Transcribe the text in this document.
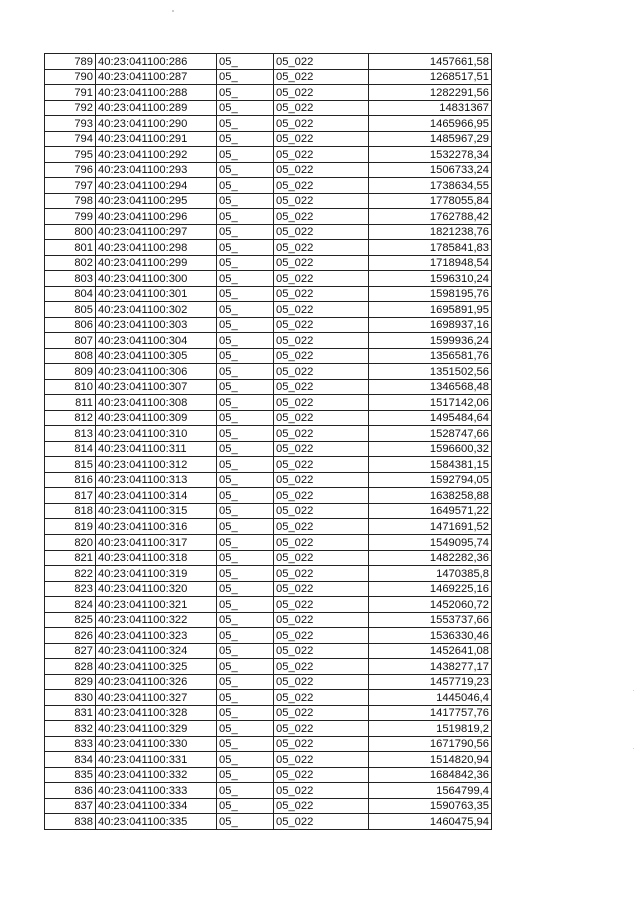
789	40:23:041100:286	05_	05_022	1457661,58
790	40:23:041100:287	05_	05_022	1268517,51
791	40:23:041100:288	05_	05_022	1282291,56
792	40:23:041100:289	05_	05_022	14831367
793	40:23:041100:290	05_	05_022	1465966,95
794	40:23:041100:291	05_	05_022	1485967,29
795	40:23:041100:292	05_	05_022	1532278,34
796	40:23:041100:293	05_	05_022	1506733,24
797	40:23:041100:294	05_	05_022	1738634,55
798	40:23:041100:295	05_	05_022	1778055,84
799	40:23:041100:296	05_	05_022	1762788,42
800	40:23:041100:297	05_	05_022	1821238,76
801	40:23:041100:298	05_	05_022	1785841,83
802	40:23:041100:299	05_	05_022	1718948,54
803	40:23:041100:300	05_	05_022	1596310,24
804	40:23:041100:301	05_	05_022	1598195,76
805	40:23:041100:302	05_	05_022	1695891,95
806	40:23:041100:303	05_	05_022	1698937,16
807	40:23:041100:304	05_	05_022	1599936,24
808	40:23:041100:305	05_	05_022	1356581,76
809	40:23:041100:306	05_	05_022	1351502,56
810	40:23:041100:307	05_	05_022	1346568,48
811	40:23:041100:308	05_	05_022	1517142,06
812	40:23:041100:309	05_	05_022	1495484,64
813	40:23:041100:310	05_	05_022	1528747,66
814	40:23:041100:311	05_	05_022	1596600,32
815	40:23:041100:312	05_	05_022	1584381,15
816	40:23:041100:313	05_	05_022	1592794,05
817	40:23:041100:314	05_	05_022	1638258,88
818	40:23:041100:315	05_	05_022	1649571,22
819	40:23:041100:316	05_	05_022	1471691,52
820	40:23:041100:317	05_	05_022	1549095,74
821	40:23:041100:318	05_	05_022	1482282,36
822	40:23:041100:319	05_	05_022	1470385,8
823	40:23:041100:320	05_	05_022	1469225,16
824	40:23:041100:321	05_	05_022	1452060,72
825	40:23:041100:322	05_	05_022	1553737,66
826	40:23:041100:323	05_	05_022	1536330,46
827	40:23:041100:324	05_	05_022	1452641,08
828	40:23:041100:325	05_	05_022	1438277,17
829	40:23:041100:326	05_	05_022	1457719,23
830	40:23:041100:327	05_	05_022	1445046,4
831	40:23:041100:328	05_	05_022	1417757,76
832	40:23:041100:329	05_	05_022	1519819,2
833	40:23:041100:330	05_	05_022	1671790,56
834	40:23:041100:331	05_	05_022	1514820,94
835	40:23:041100:332	05_	05_022	1684842,36
836	40:23:041100:333	05_	05_022	1564799,4
837	40:23:041100:334	05_	05_022	1590763,35
838	40:23:041100:335	05_	05_022	1460475,94
